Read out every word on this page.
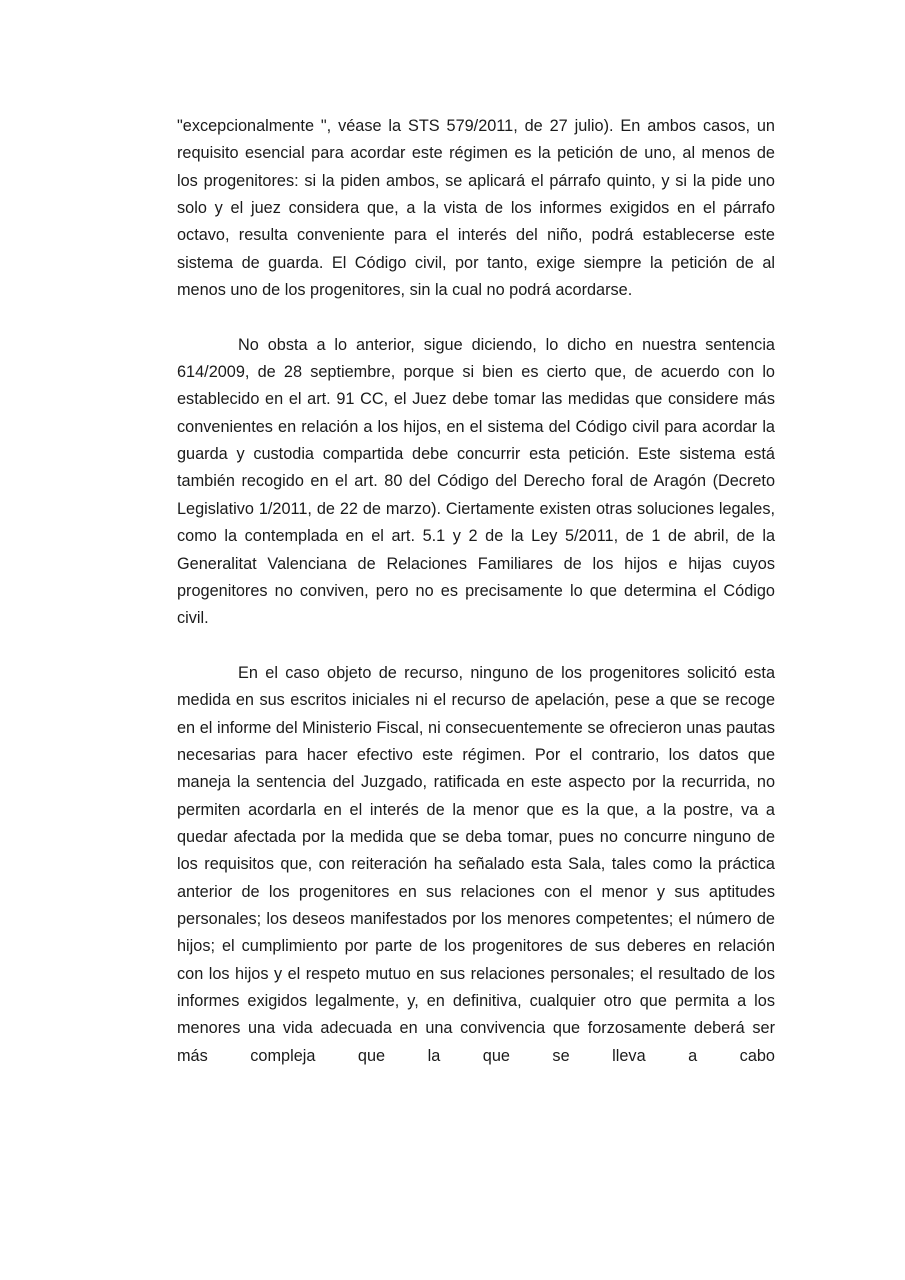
"excepcionalmente ", véase la STS 579/2011, de 27 julio). En ambos casos, un requisito esencial para acordar este régimen es la petición de uno, al menos de los progenitores: si la piden ambos, se aplicará el párrafo quinto, y si la pide uno solo y el juez considera que, a la vista de los informes exigidos en el párrafo octavo, resulta conveniente para el interés del niño, podrá establecerse este sistema de guarda. El Código civil, por tanto, exige siempre la petición de al menos uno de los progenitores, sin la cual no podrá acordarse.

No obsta a lo anterior, sigue diciendo, lo dicho en nuestra sentencia 614/2009, de 28 septiembre, porque si bien es cierto que, de acuerdo con lo establecido en el art. 91 CC, el Juez debe tomar las medidas que considere más convenientes en relación a los hijos, en el sistema del Código civil para acordar la guarda y custodia compartida debe concurrir esta petición. Este sistema está también recogido en el art. 80 del Código del Derecho foral de Aragón (Decreto Legislativo 1/2011, de 22 de marzo). Ciertamente existen otras soluciones legales, como la contemplada en el art. 5.1 y 2 de la Ley 5/2011, de 1 de abril, de la Generalitat Valenciana de Relaciones Familiares de los hijos e hijas cuyos progenitores no conviven, pero no es precisamente lo que determina el Código civil.

En el caso objeto de recurso, ninguno de los progenitores solicitó esta medida en sus escritos iniciales ni el recurso de apelación, pese a que se recoge en el informe del Ministerio Fiscal, ni consecuentemente se ofrecieron unas pautas necesarias para hacer efectivo este régimen. Por el contrario, los datos que maneja la sentencia del Juzgado, ratificada en este aspecto por la recurrida, no permiten acordarla en el interés de la menor que es la que, a la postre, va a quedar afectada por la medida que se deba tomar, pues no concurre ninguno de los requisitos que, con reiteración ha señalado esta Sala, tales como la práctica anterior de los progenitores en sus relaciones con el menor y sus aptitudes personales; los deseos manifestados por los menores competentes; el número de hijos; el cumplimiento por parte de los progenitores de sus deberes en relación con los hijos y el respeto mutuo en sus relaciones personales; el resultado de los informes exigidos legalmente, y, en definitiva, cualquier otro que permita a los menores una vida adecuada en una convivencia que forzosamente deberá ser más compleja que la que se lleva a cabo
